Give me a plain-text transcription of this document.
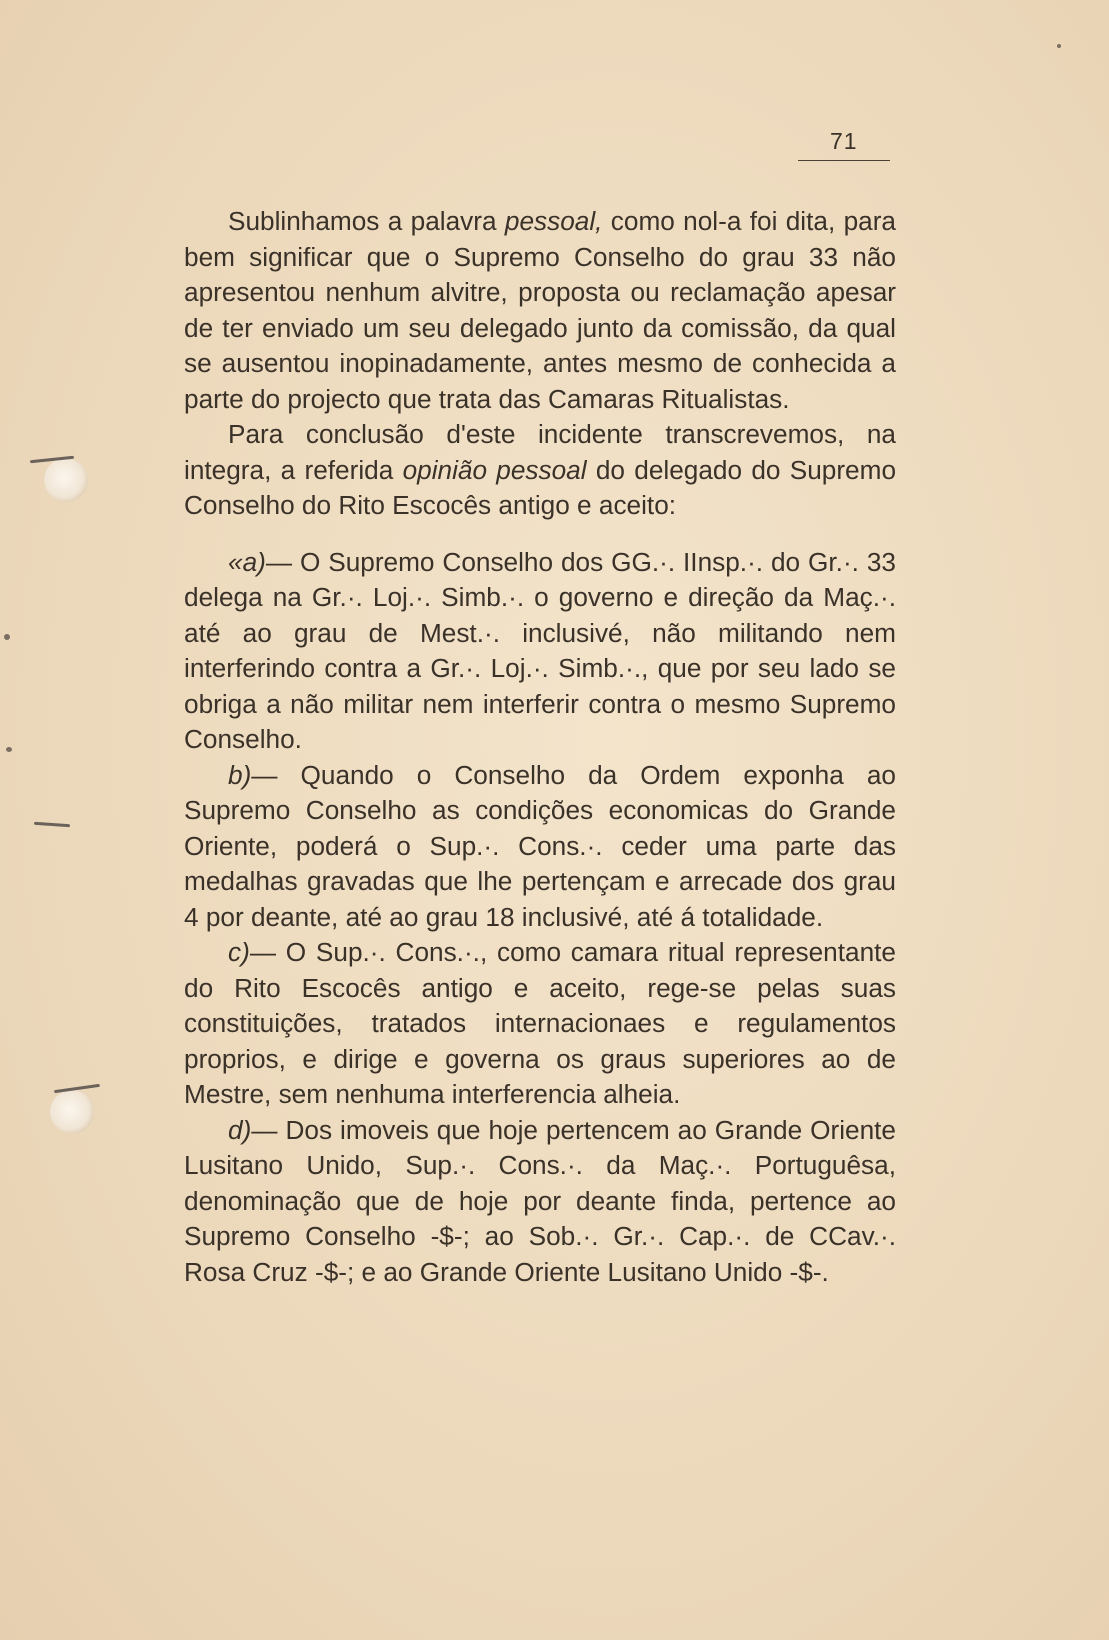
71

Sublinhamos a palavra pessoal, como nol-a foi dita, para bem significar que o Supremo Conselho do grau 33 não apresentou nenhum alvitre, proposta ou reclamação apesar de ter enviado um seu delegado junto da comissão, da qual se ausentou inopinadamente, antes mesmo de conhecida a parte do projecto que trata das Camaras Ritualistas.

Para conclusão d'este incidente transcrevemos, na integra, a referida opinião pessoal do delegado do Supremo Conselho do Rito Escocês antigo e aceito:

«a)— O Supremo Conselho dos GG.·. IInsp.·. do Gr.·. 33 delega na Gr.·. Loj.·. Simb.·. o governo e direção da Maç.·. até ao grau de Mest.·. inclusivé, não militando nem interferindo contra a Gr.·. Loj.·. Simb.·., que por seu lado se obriga a não militar nem interferir contra o mesmo Supremo Conselho.

b)— Quando o Conselho da Ordem exponha ao Supremo Conselho as condições economicas do Grande Oriente, poderá o Sup.·. Cons.·. ceder uma parte das medalhas gravadas que lhe pertençam e arrecade dos grau 4 por deante, até ao grau 18 inclusivé, até á totalidade.

c)— O Sup.·. Cons.·., como camara ritual representante do Rito Escocês antigo e aceito, rege-se pelas suas constituições, tratados internacionaes e regulamentos proprios, e dirige e governa os graus superiores ao de Mestre, sem nenhuma interferencia alheia.

d)— Dos imoveis que hoje pertencem ao Grande Oriente Lusitano Unido, Sup.·. Cons.·. da Maç.·. Portuguêsa, denominação que de hoje por deante finda, pertence ao Supremo Conselho -$-; ao Sob.·. Gr.·. Cap.·. de CCav.·. Rosa Cruz -$-; e ao Grande Oriente Lusitano Unido -$-.
